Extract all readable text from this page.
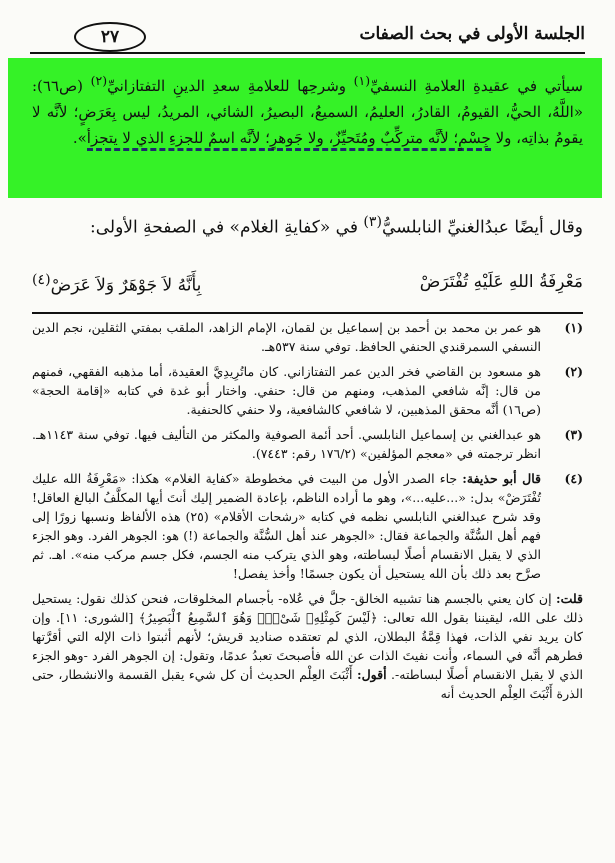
الجلسة الأولى في بحث الصفات
٢٧
سيأتي في عقيدةِ العلامةِ النسفيِّ$^{(١)}$ وشرحِها للعلامةِ سعدِ الدينِ التفتازانيِّ$^{(٢)}$ (ص٦٦): «اللَّهُ، الحيُّ، القيومُ، القادرُ، العليمُ، السميعُ، البصيرُ، الشائي، المريدُ، ليس بِعَرَضٍ؛ لأنَّه لا يقومُ بذاتِه، ولا جِسْمٍ؛ لأنَّه متركِّبٌ ومُتَحيِّزٌ، ولا جَوهرٍ؛ لأنَّه اسمٌ للجزءِ الذي لا يتجزأ».
وقال أيضًا عبدُالغنيِّ النابلسيُّ$^{(٣)}$ في «كفايةِ الغلام» في الصفحةِ الأولى:
مَعْرِفَةُ اللهِ عَلَيْهِ تُفْتَرَضْ
بِأَنَّهُ لاَ جَوْهَرٌ وَلاَ عَرَضْ$^{(٤)}$
(١)
هو عمر بن محمد بن أحمد بن إسماعيل بن لقمان، الإمام الزاهد، الملقب بمفتي الثقلين، نجم الدين النسفي السمرقندي الحنفي الحافظ. توفي سنة ٥٣٧هـ.
(٢)
هو مسعود بن القاضي فخر الدين عمر التفتازاني. كان ماتُرِيدِيَّ العقيدة، أما مذهبه الفقهي، فمنهم من قال: إنَّه شافعي المذهب، ومنهم من قال: حنفي. واختار أبو غدة في كتابه «إقامة الحجة» (ص١٦) أنَّه محقق المذهبين، لا شافعي كالشافعية، ولا حنفي كالحنفية.
(٣)
هو عبدالغني بن إسماعيل النابلسي. أحد أئمة الصوفية والمكثر من التأليف فيها. توفي سنة ١١٤٣هـ. انظر ترجمته في «معجم المؤلفين» (١٧٦/٢ رقم: ٧٤٤٣).
(٤)
قال أبو حذيفة: جاء الصدر الأول من البيت في مخطوطة «كفاية الغلام» هكذا: «مَعْرِفَةُ الله عليك تُفْتَرَضْ» بدل: «...عليه...»، وهو ما أراده الناظم، بإعادة الضمير إليك أنتَ أيها المكلَّفُ البالغ العاقل! وقد شرح عبدالغني النابلسي نظمه في كتابه «رشحات الأقلام» (٢٥) هذه الألفاظ ونسبها زورًا إلى فهم أهل السُّنَّة والجماعة فقال: «الجوهر عند أهل السُّنَّة والجماعة (!) هو: الجوهر الفرد. وهو الجزء الذي لا يقبل الانقسام أصلًا لبساطته، وهو الذي يتركب منه الجسم، فكل جسم مركب منه». اهـ. ثم صرَّح بعد ذلك بأن الله يستحيل أن يكون جسمًا! وأخذ يفصل!
قلت: إن كان يعني بالجسم هنا تشبيه الخالق- جلَّ في عُلاه- بأجسام المخلوقات، فنحن كذلك نقول: يستحيل ذلك على الله، ليقيننا بقول الله تعالى: ﴿لَيْسَ كَمِثْلِهِۦ شَىْءٌۖ وَهُوَ ٱلسَّمِيعُ ٱلْبَصِيرُ﴾ [الشورى: ١١]. وإن كان يريد نفي الذات، فهذا قِمَّةُ البطلان، الذي لم تعتقده صناديد قريش؛ لأنهم أثبتوا ذات الإله التي أقرَّتها فطرهم أنَّه في السماء، وأنت نفيتَ الذات عن الله فأصبحتَ تعبدُ عدمًا، وتقول: إن الجوهر الفرد -وهو الجزء الذي لا يقبل الانقسام أصلًا لبساطته-. أقول: أَثْبَتَ العِلْم الحديث أن كل شيء يقبل القسمة والانشطار، حتى الذرة أَثْبَتَ العِلْم الحديث أنه
